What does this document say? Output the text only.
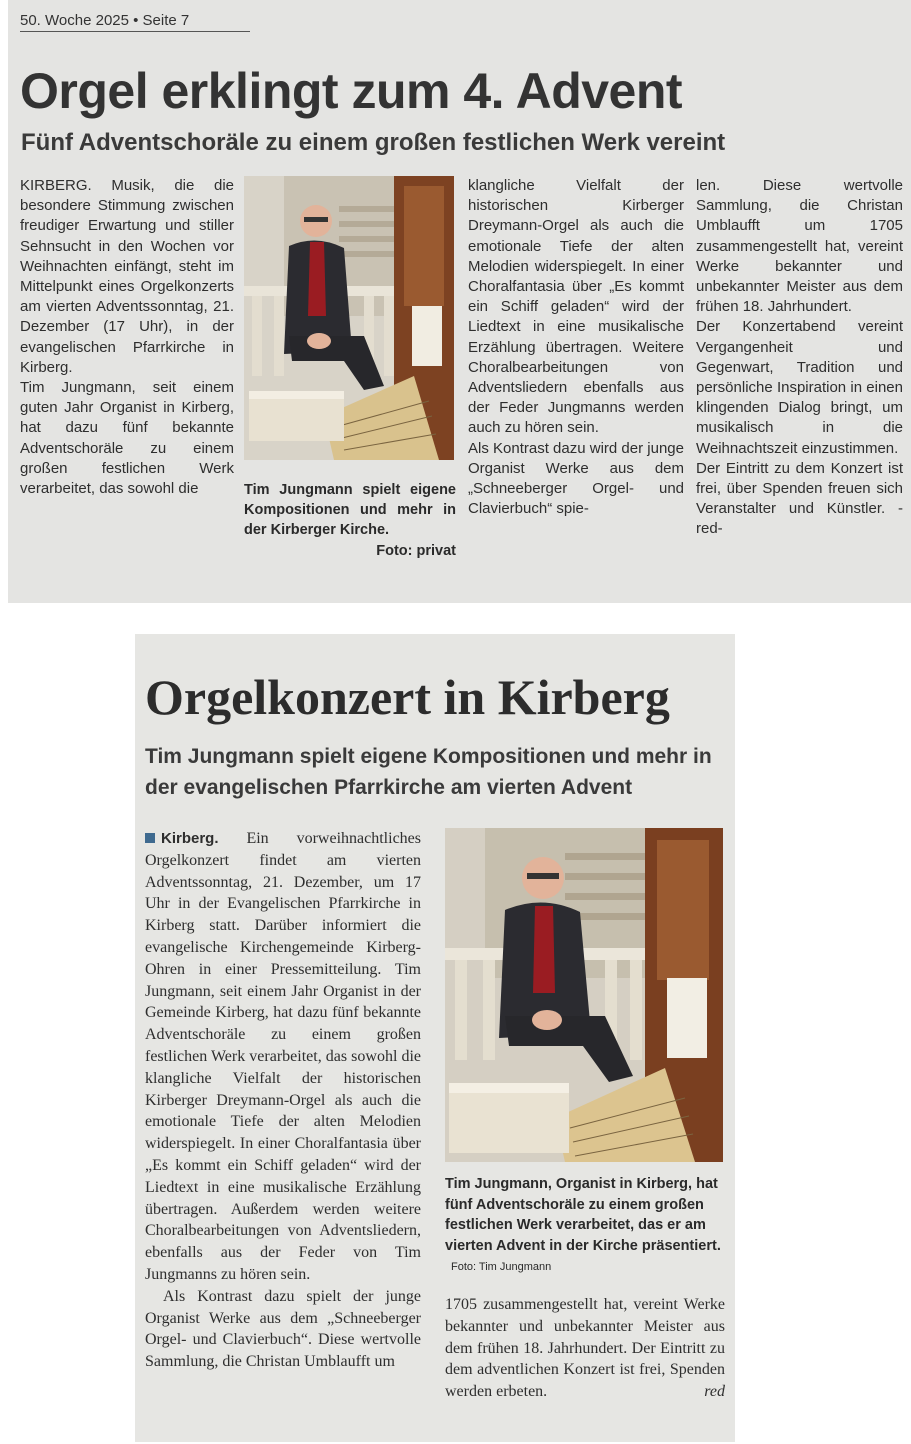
50. Woche 2025 • Seite 7
Orgel erklingt zum 4. Advent
Fünf Adventschoräle zu einem großen festlichen Werk vereint

KIRBERG. Musik, die die besondere Stimmung zwischen freudiger Erwartung und stiller Sehnsucht in den Wochen vor Weihnachten einfängt, steht im Mittelpunkt eines Orgelkonzerts am vierten Adventssonntag, 21. Dezember (17 Uhr), in der evangelischen Pfarrkirche in Kirberg.

Tim Jungmann, seit einem guten Jahr Organist in Kirberg, hat dazu fünf bekannte Adventschoräle zu einem großen festlichen Werk verarbeitet, das sowohl die	Tim Jungmann spielt eigene Kompositionen und mehr in der Kirberger Kirche.
Foto: privat

klangliche Vielfalt der historischen Kirberger Dreymann-Orgel als auch die emotionale Tiefe der alten Melodien widerspiegelt. In einer Choralfantasia über „Es kommt ein Schiff geladen“ wird der Liedtext in eine musikalische Erzählung übertragen. Weitere Choralbearbeitungen von Adventsliedern ebenfalls aus der Feder Jungmanns werden auch zu hören sein.

Als Kontrast dazu wird der junge Organist Werke aus dem „Schneeberger Orgel- und Clavierbuch“ spie-

len. Diese wertvolle Sammlung, die Christan Umblaufft um 1705 zusammengestellt hat, vereint Werke bekannter und unbekannter Meister aus dem frühen 18. Jahrhundert.

Der Konzertabend vereint Vergangenheit und Gegenwart, Tradition und persönliche Inspiration in einen klingenden Dialog bringt, um musikalisch in die Weihnachtszeit einzustimmen.

Der Eintritt zu dem Konzert ist frei, über Spenden freuen sich Veranstalter und Künstler. -red-

Orgelkonzert in Kirberg
Tim Jungmann spielt eigene Kompositionen und mehr in der evangelischen Pfarrkirche am vierten Advent

Kirberg. Ein vorweihnachtliches Orgelkonzert findet am vierten Adventssonntag, 21. Dezember, um 17 Uhr in der Evangelischen Pfarrkirche in Kirberg statt. Darüber informiert die evangelische Kirchengemeinde Kirberg-Ohren in einer Pressemitteilung. Tim Jungmann, seit einem Jahr Organist in der Gemeinde Kirberg, hat dazu fünf bekannte Adventschoräle zu einem großen festlichen Werk verarbeitet, das sowohl die klangliche Vielfalt der historischen Kirberger Dreymann-Orgel als auch die emotionale Tiefe der alten Melodien widerspiegelt. In einer Choralfantasia über „Es kommt ein Schiff geladen“ wird der Liedtext in eine musikalische Erzählung übertragen. Außerdem werden weitere Choralbearbeitungen von Adventsliedern, ebenfalls aus der Feder von Tim Jungmanns zu hören sein.

Als Kontrast dazu spielt der junge Organist Werke aus dem „Schneeberger Orgel- und Clavierbuch“. Diese wertvolle Sammlung, die Christan Umblaufft um

Tim Jungmann, Organist in Kirberg, hat fünf Adventschoräle zu einem großen festlichen Werk verarbeitet, das er am vierten Advent in der Kirche präsentiert. Foto: Tim Jungmann

1705 zusammengestellt hat, vereint Werke bekannter und unbekannter Meister aus dem frühen 18. Jahrhundert. Der Eintritt zu dem adventlichen Konzert ist frei, Spenden werden erbeten.	red
